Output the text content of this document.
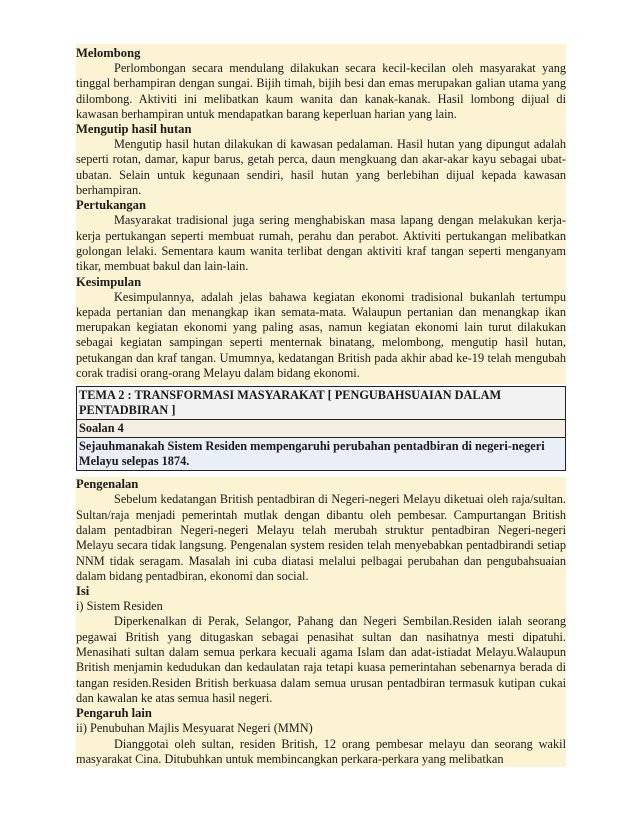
Melombong

Perlombongan secara mendulang dilakukan secara kecil-kecilan oleh masyarakat yang tinggal berhampiran dengan sungai. Bijih timah, bijih besi dan emas merupakan galian utama yang dilombong. Aktiviti ini melibatkan kaum wanita dan kanak-kanak. Hasil lombong dijual di kawasan berhampiran untuk mendapatkan barang keperluan harian yang lain.

Mengutip hasil hutan

Mengutip hasil hutan dilakukan di kawasan pedalaman. Hasil hutan yang dipungut adalah seperti rotan, damar, kapur barus, getah perca, daun mengkuang dan akar-akar kayu sebagai ubat-ubatan. Selain untuk kegunaan sendiri, hasil hutan yang berlebihan dijual kepada kawasan berhampiran.

Pertukangan

Masyarakat tradisional juga sering menghabiskan masa lapang dengan melakukan kerja-kerja pertukangan seperti membuat rumah, perahu dan perabot. Aktiviti pertukangan melibatkan golongan lelaki. Sementara kaum wanita terlibat dengan aktiviti kraf tangan seperti menganyam tikar, membuat bakul dan lain-lain.

Kesimpulan

Kesimpulannya, adalah jelas bahawa kegiatan ekonomi tradisional bukanlah tertumpu kepada pertanian dan menangkap ikan semata-mata. Walaupun pertanian dan menangkap ikan merupakan kegiatan ekonomi yang paling asas, namun kegiatan ekonomi lain turut dilakukan sebagai kegiatan sampingan seperti menternak binatang, melombong, mengutip hasil hutan, petukangan dan kraf tangan. Umumnya, kedatangan British pada akhir abad ke-19 telah mengubah corak tradisi orang-orang Melayu dalam bidang ekonomi.

TEMA 2 : TRANSFORMASI MASYARAKAT [ PENGUBAHSUAIAN DALAM PENTADBIRAN ]
Soalan 4
Sejauhmanakah Sistem Residen mempengaruhi perubahan pentadbiran di negeri-negeri Melayu selepas 1874.
Pengenalan

Sebelum kedatangan British pentadbiran di Negeri-negeri Melayu diketuai oleh raja/sultan. Sultan/raja menjadi pemerintah mutlak dengan dibantu oleh pembesar. Campurtangan British dalam pentadbiran Negeri-negeri Melayu telah merubah struktur pentadbiran Negeri-negeri Melayu secara tidak langsung. Pengenalan system residen telah menyebabkan pentadbirandi setiap NNM tidak seragam. Masalah ini cuba diatasi melalui pelbagai perubahan dan pengubahsuaian dalam bidang pentadbiran, ekonomi dan social.

Isi
i) Sistem Residen

Diperkenalkan di Perak, Selangor, Pahang dan Negeri Sembilan.Residen ialah seorang pegawai British yang ditugaskan sebagai penasihat sultan dan nasihatnya mesti dipatuhi. Menasihati sultan dalam semua perkara kecuali agama Islam dan adat-istiadat Melayu.Walaupun British menjamin kedudukan dan kedaulatan raja tetapi kuasa pemerintahan sebenarnya berada di tangan residen.Residen British berkuasa dalam semua urusan pentadbiran termasuk kutipan cukai dan kawalan ke atas semua hasil negeri.

Pengaruh lain
ii) Penubuhan Majlis Mesyuarat Negeri (MMN)

Dianggotai oleh sultan, residen British, 12 orang pembesar melayu dan seorang wakil masyarakat Cina. Ditubuhkan untuk membincangkan perkara-perkara yang melibatkan
